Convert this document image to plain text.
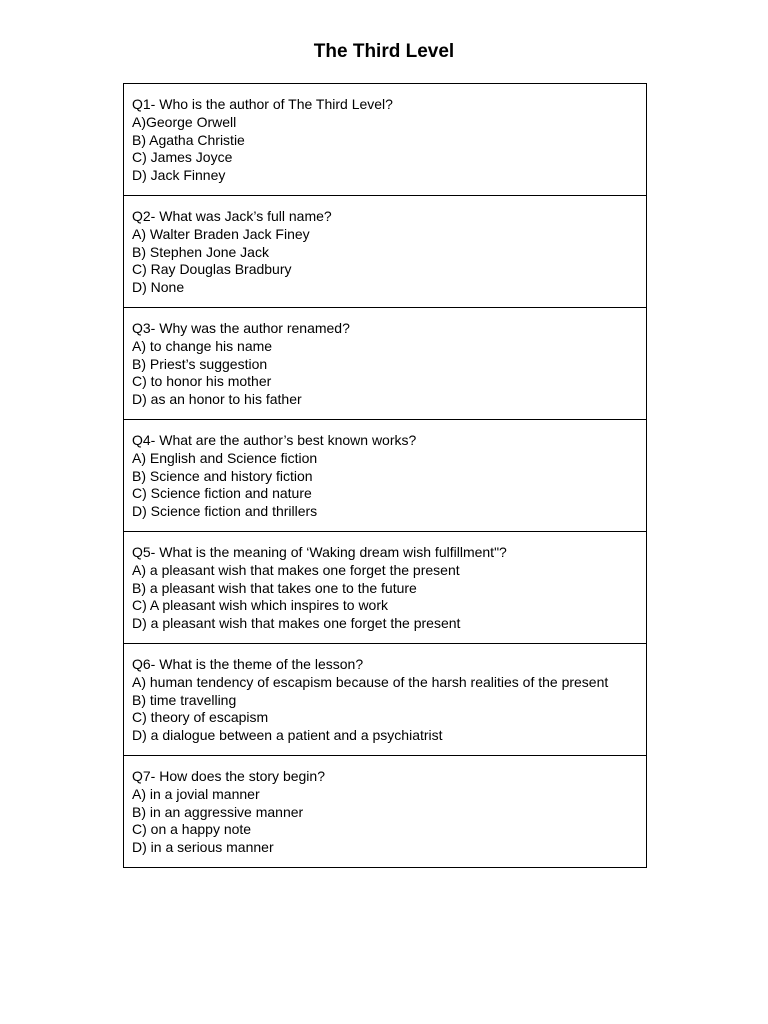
The Third Level
Q1- Who is the author of The Third Level?
A)George Orwell
B) Agatha Christie
C) James Joyce
D) Jack Finney

Q2- What was Jack’s full name?
A) Walter Braden Jack Finey
B) Stephen Jone Jack
C) Ray Douglas Bradbury
D) None

Q3- Why was the author renamed?
A) to change his name
B) Priest’s suggestion
C) to honor his mother
D) as an honor to his father

Q4- What are the author’s best known works?
A) English and Science fiction
B) Science and history fiction
C) Science fiction and nature
D) Science fiction and thrillers

Q5- What is the meaning of ‘Waking dream wish fulfillment"?
A) a pleasant wish that makes one forget the present
B) a pleasant wish that takes one to the future
C) A pleasant wish which inspires to work
D) a pleasant wish that makes one forget the present

Q6- What is the theme of the lesson?
A) human tendency of escapism because of the harsh realities of the present
B) time travelling
C) theory of escapism
D) a dialogue between a patient and a psychiatrist

Q7- How does the story begin?
A) in a jovial manner
B) in an aggressive manner
C) on a happy note
D) in a serious manner
